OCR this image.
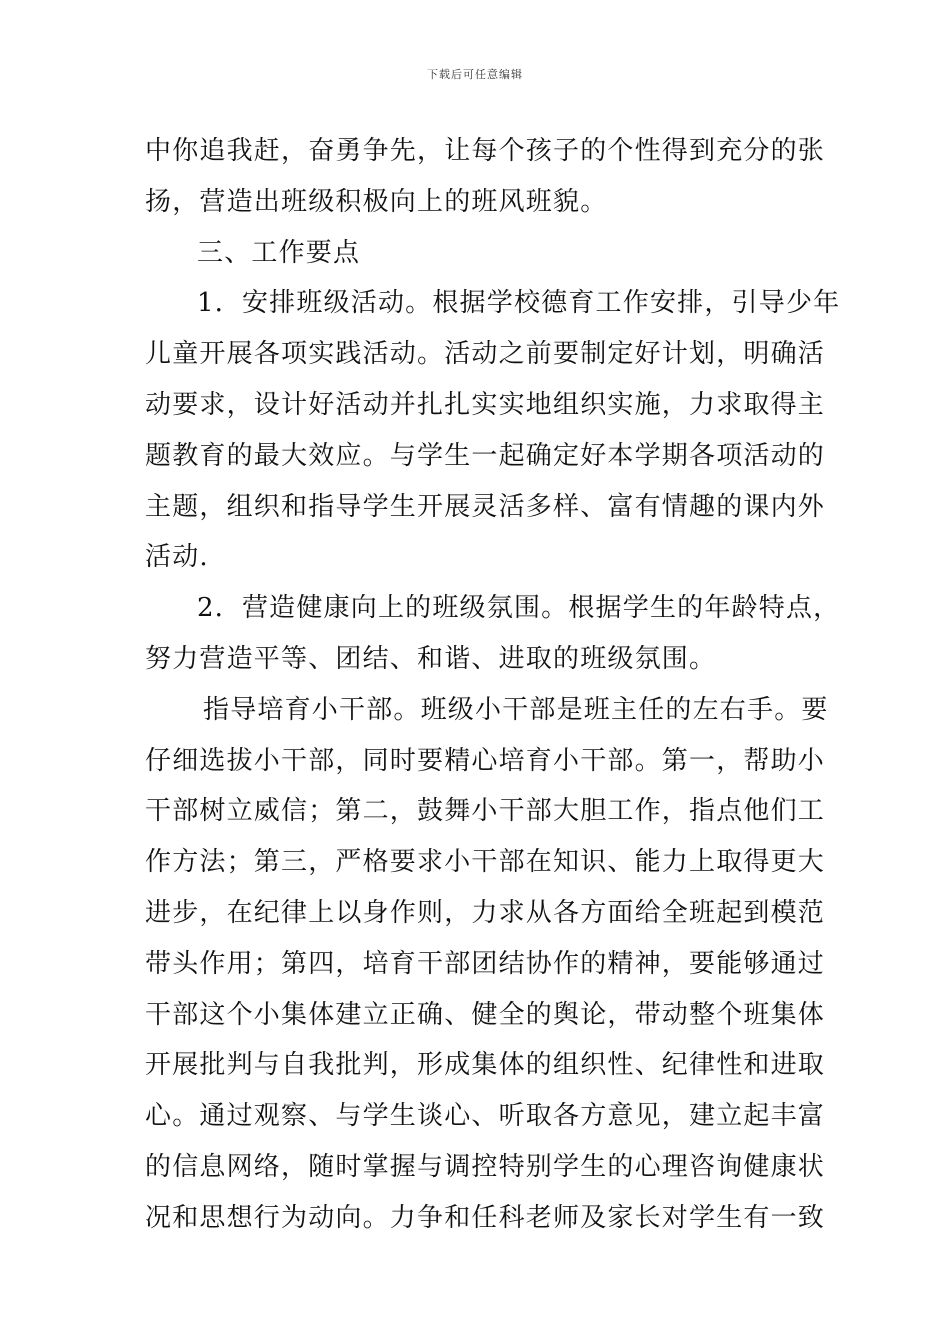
下载后可任意编辑
中你追我赶，奋勇争先，让每个孩子的个性得到充分的张
扬，营造出班级积极向上的班风班貌。
三、工作要点
1．安排班级活动。根据学校德育工作安排，引导少年
儿童开展各项实践活动。活动之前要制定好计划，明确活
动要求，设计好活动并扎扎实实地组织实施，力求取得主
题教育的最大效应。与学生一起确定好本学期各项活动的
主题，组织和指导学生开展灵活多样、富有情趣的课内外
活动.
2．营造健康向上的班级氛围。根据学生的年龄特点，
努力营造平等、团结、和谐、进取的班级氛围。
指导培育小干部。班级小干部是班主任的左右手。要
仔细选拔小干部，同时要精心培育小干部。第一，帮助小
干部树立威信；第二，鼓舞小干部大胆工作，指点他们工
作方法；第三，严格要求小干部在知识、能力上取得更大
进步，在纪律上以身作则，力求从各方面给全班起到模范
带头作用；第四，培育干部团结协作的精神，要能够通过
干部这个小集体建立正确、健全的舆论，带动整个班集体
开展批判与自我批判，形成集体的组织性、纪律性和进取
心。通过观察、与学生谈心、听取各方意见，建立起丰富
的信息网络，随时掌握与调控特别学生的心理咨询健康状
况和思想行为动向。力争和任科老师及家长对学生有一致
